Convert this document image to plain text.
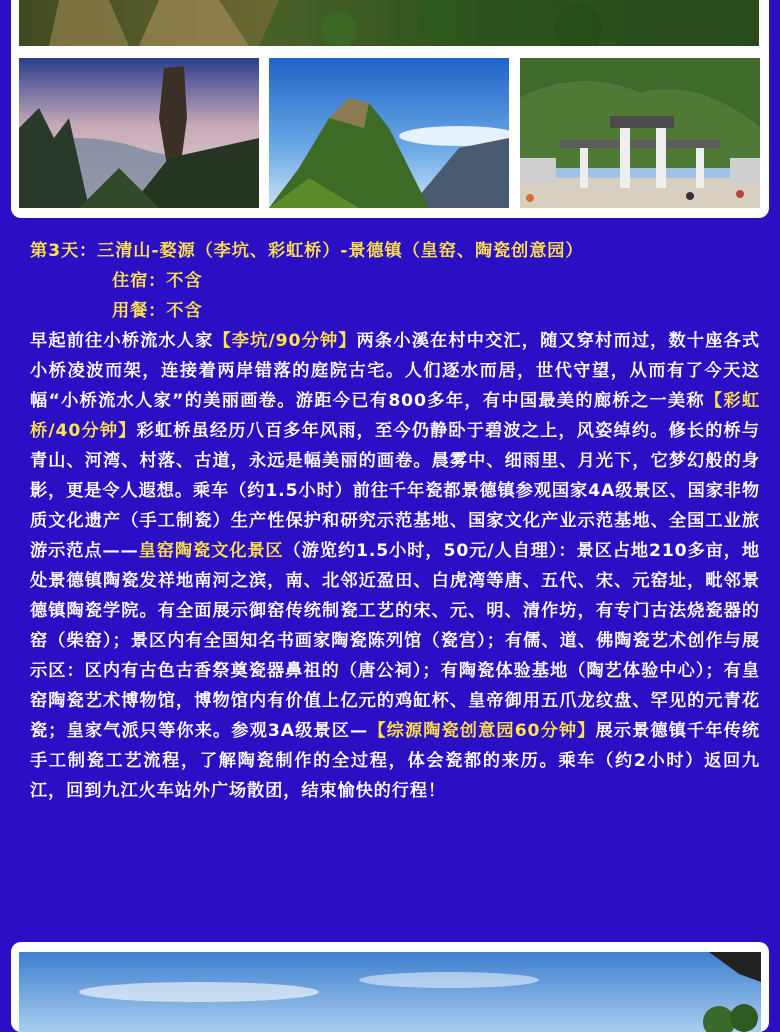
第3天：三清山-婺源（李坑、彩虹桥）-景德镇（皇窑、陶瓷创意园）
住宿：不含
用餐：不含
早起前往小桥流水人家【李坑/90分钟】两条小溪在村中交汇，随又穿村而过，数十座各式小桥凌波而架，连接着两岸错落的庭院古宅。人们逐水而居，世代守望，从而有了今天这幅“小桥流水人家”的美丽画卷。游距今已有800多年，有中国最美的廊桥之一美称【彩虹桥/40分钟】彩虹桥虽经历八百多年风雨，至今仍静卧于碧波之上，风姿绰约。修长的桥与青山、河湾、村落、古道，永远是幅美丽的画卷。晨雾中、细雨里、月光下，它梦幻般的身影，更是令人遐想。乘车（约1.5小时）前往千年瓷都景德镇参观国家4A级景区、国家非物质文化遗产（手工制瓷）生产性保护和研究示范基地、国家文化产业示范基地、全国工业旅游示范点——皇窑陶瓷文化景区（游览约1.5小时，50元/人自理）：景区占地210多亩，地处景德镇陶瓷发祥地南河之滨，南、北邻近盈田、白虎湾等唐、五代、宋、元窑址，毗邻景德镇陶瓷学院。有全面展示御窑传统制瓷工艺的宋、元、明、清作坊，有专门古法烧瓷器的窑（柴窑）；景区内有全国知名书画家陶瓷陈列馆（瓷宫）；有儒、道、佛陶瓷艺术创作与展示区：区内有古色古香祭奠瓷器鼻祖的（唐公祠）；有陶瓷体验基地（陶艺体验中心）；有皇窑陶瓷艺术博物馆，博物馆内有价值上亿元的鸡缸杯、皇帝御用五爪龙纹盘、罕见的元青花瓷；皇家气派只等你来。参观3A级景区—【综源陶瓷创意园60分钟】展示景德镇千年传统手工制瓷工艺流程，了解陶瓷制作的全过程，体会瓷都的来历。乘车（约2小时）返回九江，回到九江火车站外广场散团，结束愉快的行程！
